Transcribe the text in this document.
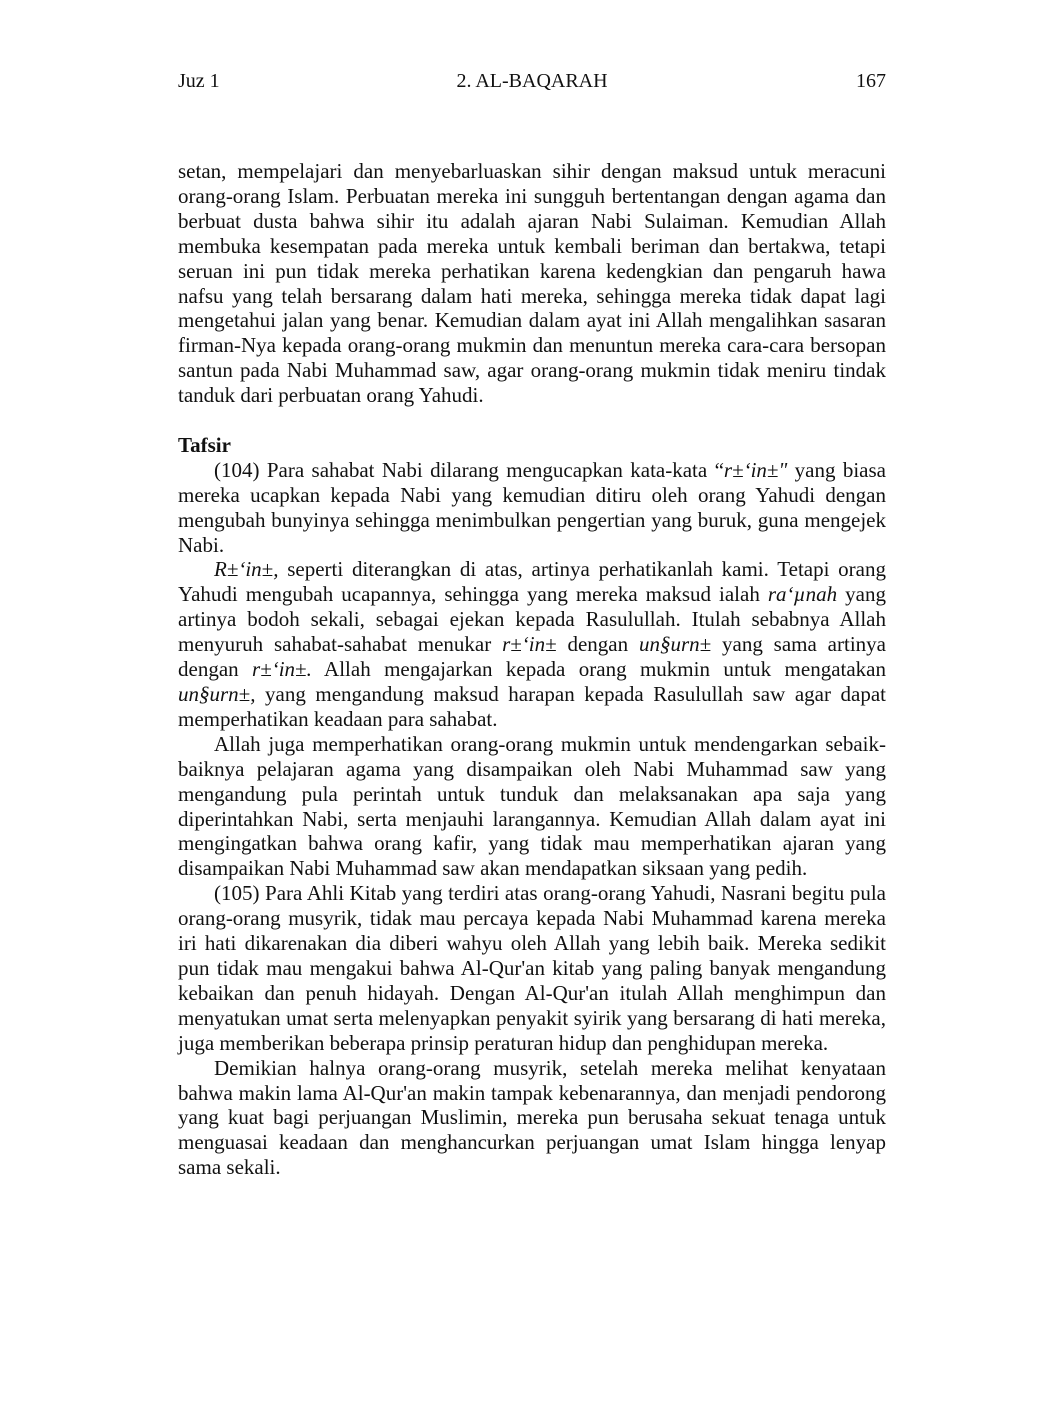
Juz 1	2. AL-BAQARAH	167

setan, mempelajari dan menyebarluaskan sihir dengan maksud untuk meracuni orang-orang Islam. Perbuatan mereka ini sungguh bertentangan dengan agama dan berbuat dusta bahwa sihir itu adalah ajaran Nabi Sulaiman. Kemudian Allah membuka kesempatan pada mereka untuk kembali beriman dan bertakwa, tetapi seruan ini pun tidak mereka perhatikan karena kedengkian dan pengaruh hawa nafsu yang telah bersarang dalam hati mereka, sehingga mereka tidak dapat lagi mengetahui jalan yang benar. Kemudian dalam ayat ini Allah mengalihkan sasaran firman-Nya kepada orang-orang mukmin dan menuntun mereka cara-cara bersopan santun pada Nabi Muhammad saw, agar orang-orang mukmin tidak meniru tindak tanduk dari perbuatan orang Yahudi.

Tafsir

(104) Para sahabat Nabi dilarang mengucapkan kata-kata “r±‘in±" yang biasa mereka ucapkan kepada Nabi yang kemudian ditiru oleh orang Yahudi dengan mengubah bunyinya sehingga menimbulkan pengertian yang buruk, guna mengejek Nabi.

R±‘in±, seperti diterangkan di atas, artinya perhatikanlah kami. Tetapi orang Yahudi mengubah ucapannya, sehingga yang mereka maksud ialah ra‘µnah yang artinya bodoh sekali, sebagai ejekan kepada Rasulullah. Itulah sebabnya Allah menyuruh sahabat-sahabat menukar r±‘in± dengan un§urn± yang sama artinya dengan r±‘in±. Allah mengajarkan kepada orang mukmin untuk mengatakan un§urn±, yang mengandung maksud harapan kepada Rasulullah saw agar dapat memperhatikan keadaan para sahabat.

Allah juga memperhatikan orang-orang mukmin untuk mendengarkan sebaik-baiknya pelajaran agama yang disampaikan oleh Nabi Muhammad saw yang mengandung pula perintah untuk tunduk dan melaksanakan apa saja yang diperintahkan Nabi, serta menjauhi larangannya. Kemudian Allah dalam ayat ini mengingatkan bahwa orang kafir, yang tidak mau memperhatikan ajaran yang disampaikan Nabi Muhammad saw akan mendapatkan siksaan yang pedih.

(105) Para Ahli Kitab yang terdiri atas orang-orang Yahudi, Nasrani begitu pula orang-orang musyrik, tidak mau percaya kepada Nabi Muhammad karena mereka iri hati dikarenakan dia diberi wahyu oleh Allah yang lebih baik. Mereka sedikit pun tidak mau mengakui bahwa Al-Qur'an kitab yang paling banyak mengandung kebaikan dan penuh hidayah. Dengan Al-Qur'an itulah Allah menghimpun dan menyatukan umat serta melenyapkan penyakit syirik yang bersarang di hati mereka, juga memberikan beberapa prinsip peraturan hidup dan penghidupan mereka.

Demikian halnya orang-orang musyrik, setelah mereka melihat kenyataan bahwa makin lama Al-Qur'an makin tampak kebenarannya, dan menjadi pendorong yang kuat bagi perjuangan Muslimin, mereka pun berusaha sekuat tenaga untuk menguasai keadaan dan menghancurkan perjuangan umat Islam hingga lenyap sama sekali.
